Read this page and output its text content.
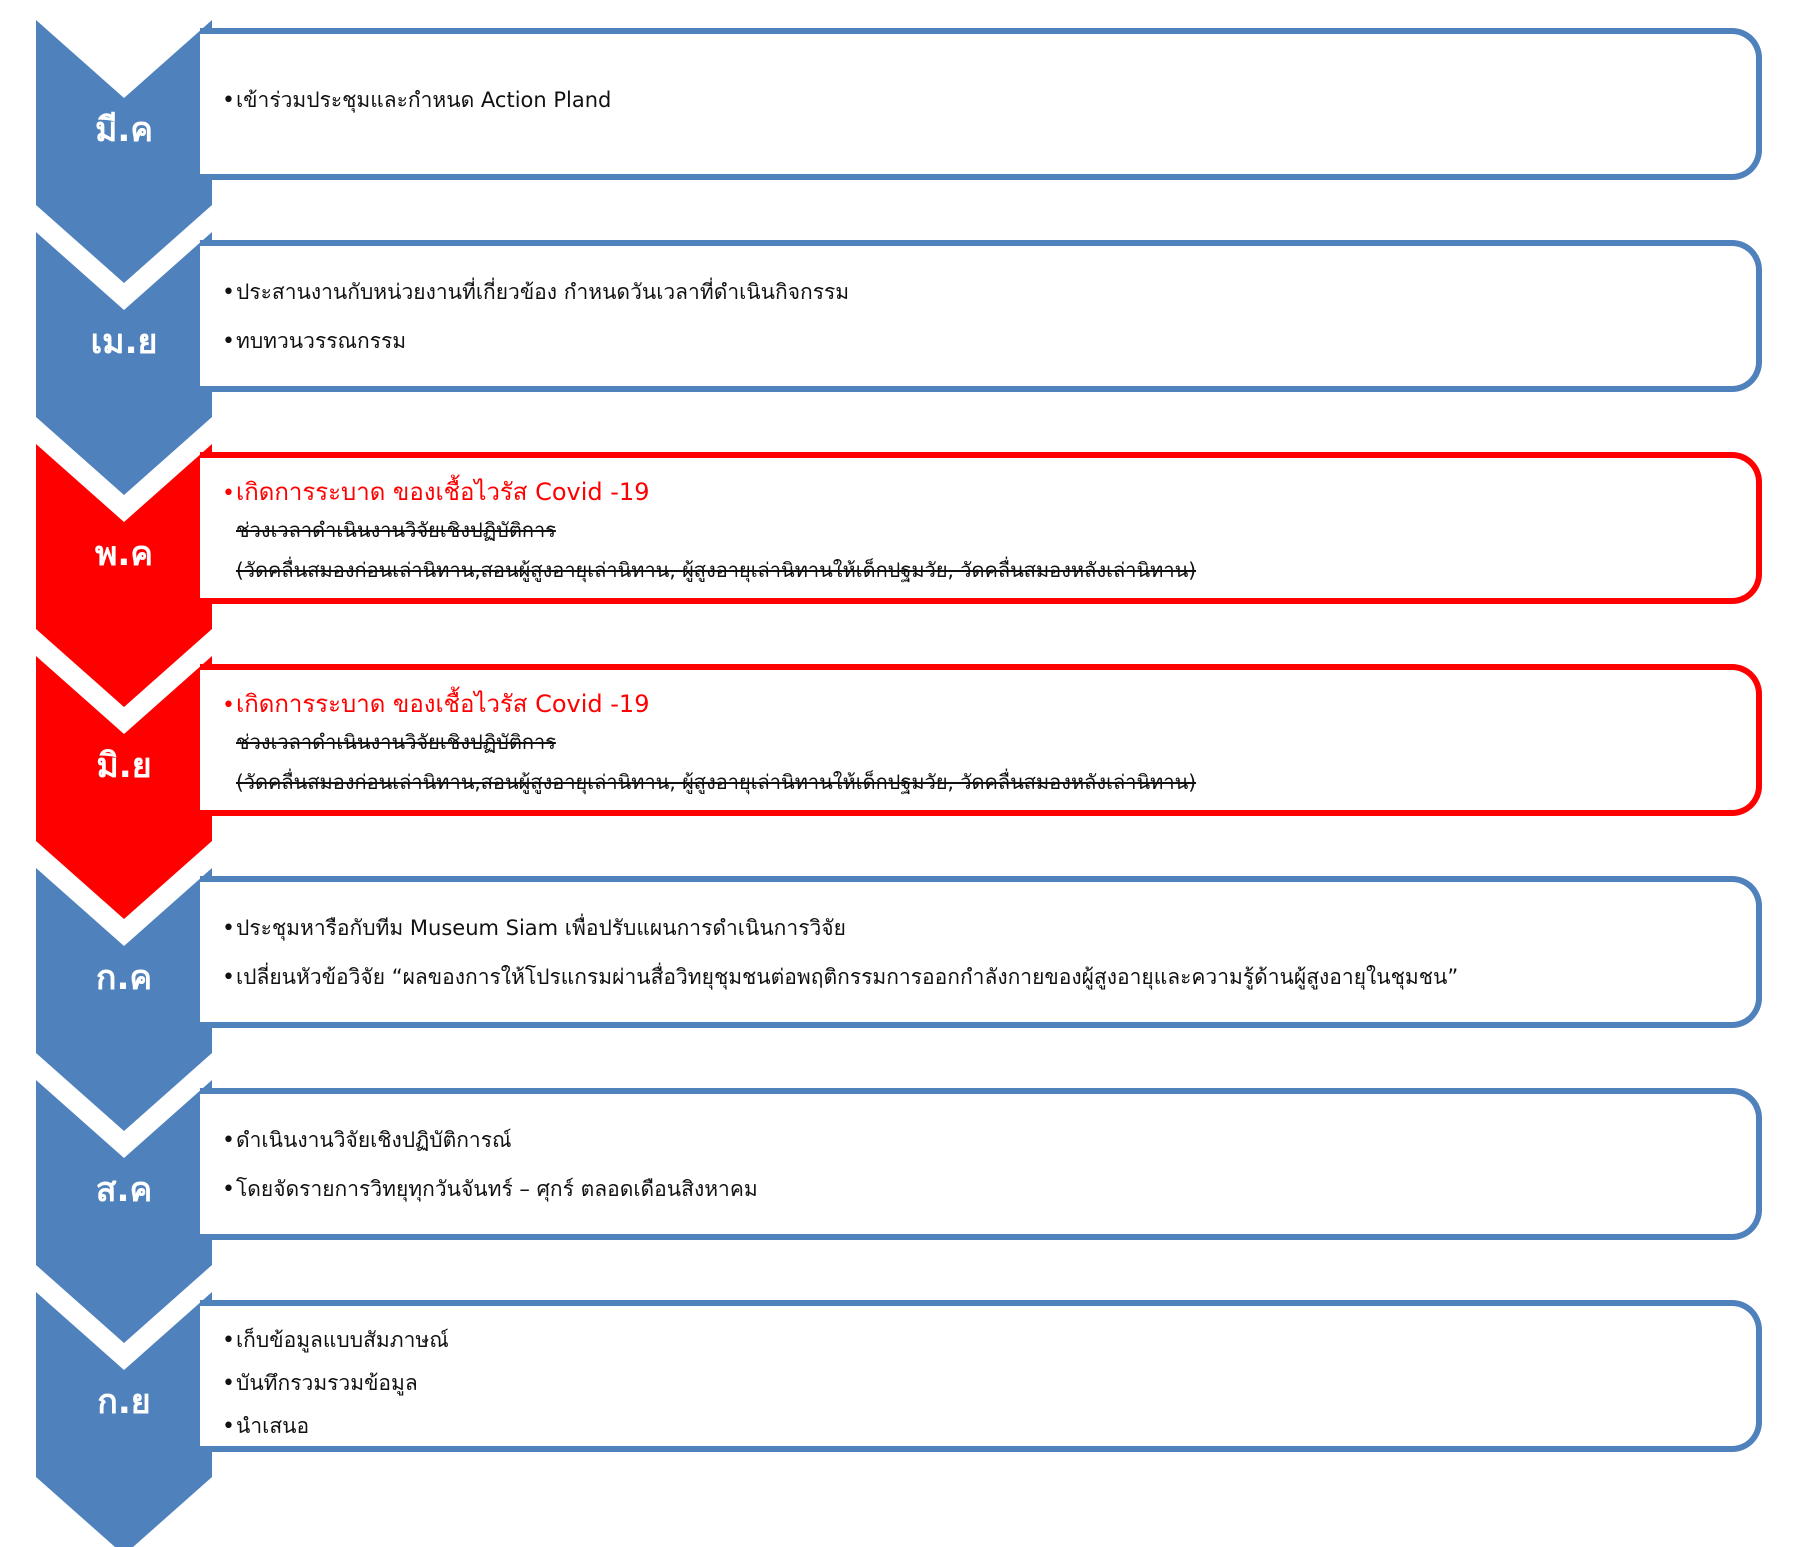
•เข้าร่วมประชุมและกำหนด Action Pland
มี.ค
•ประสานงานกับหน่วยงานที่เกี่ยวข้อง กำหนดวันเวลาที่ดำเนินกิจกรรม
•ทบทวนวรรณกรรม
เม.ย
•เกิดการระบาด ของเชื้อไวรัส Covid -19
ช่วงเวลาดำเนินงานวิจัยเชิงปฏิบัติการ
(วัดคลื่นสมองก่อนเล่านิทาน,สอนผู้สูงอายุเล่านิทาน, ผู้สูงอายุเล่านิทานให้เด็กปฐมวัย, วัดคลื่นสมองหลังเล่านิทาน)
พ.ค
•เกิดการระบาด ของเชื้อไวรัส Covid -19
ช่วงเวลาดำเนินงานวิจัยเชิงปฏิบัติการ
(วัดคลื่นสมองก่อนเล่านิทาน,สอนผู้สูงอายุเล่านิทาน, ผู้สูงอายุเล่านิทานให้เด็กปฐมวัย, วัดคลื่นสมองหลังเล่านิทาน)
มิ.ย
•ประชุมหารือกับทีม Museum Siam เพื่อปรับแผนการดำเนินการวิจัย
•เปลี่ยนหัวข้อวิจัย “ผลของการให้โปรแกรมผ่านสื่อวิทยุชุมชนต่อพฤติกรรมการออกกำลังกายของผู้สูงอายุและความรู้ด้านผู้สูงอายุในชุมชน”
ก.ค
•ดำเนินงานวิจัยเชิงปฏิบัติการณ์
•โดยจัดรายการวิทยุทุกวันจันทร์ – ศุกร์ ตลอดเดือนสิงหาคม
ส.ค
•เก็บข้อมูลแบบสัมภาษณ์
•บันทึกรวมรวมข้อมูล
•นำเสนอ
ก.ย
